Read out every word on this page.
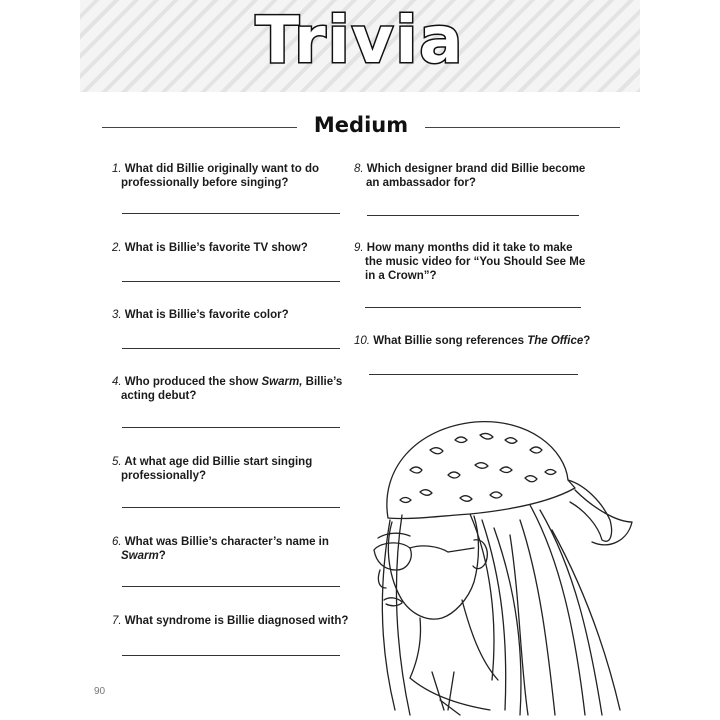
Trivia
Medium
1. What did Billie originally want to do
professionally before singing?
2. What is Billie’s favorite TV show?
3. What is Billie’s favorite color?
4. Who produced the show Swarm, Billie’s
acting debut?
5. At what age did Billie start singing
professionally?
6. What was Billie’s character’s name in
Swarm?
7. What syndrome is Billie diagnosed with?
8. Which designer brand did Billie become
an ambassador for?
9. How many months did it take to make
the music video for “You Should See Me
in a Crown”?
10. What Billie song references The Office?
90
